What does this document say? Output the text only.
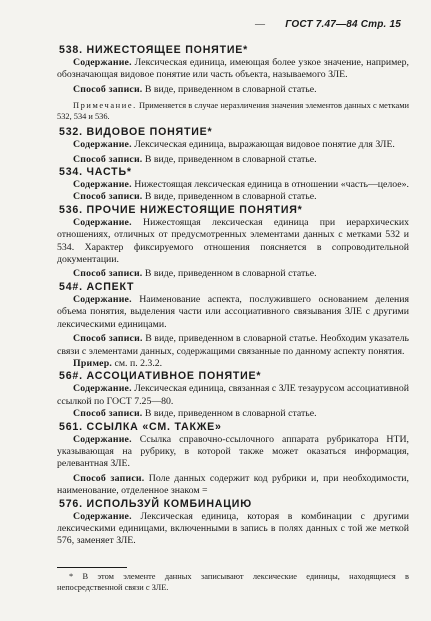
— ГОСТ 7.47—84 Стр. 15
538. НИЖЕСТОЯЩЕЕ ПОНЯТИЕ*

Содержание. Лексическая единица, имеющая более узкое значение, например, обозначающая видовое понятие или часть объекта, называемого ЗЛЕ.

Способ записи. В виде, приведенном в словарной статье.

Примечание. Применяется в случае неразличения значения элементов данных с метками 532, 534 и 536.

532. ВИДОВОЕ ПОНЯТИЕ*

Содержание. Лексическая единица, выражающая видовое понятие для ЗЛЕ.

Способ записи. В виде, приведенном в словарной статье.

534. ЧАСТЬ*

Содержание. Нижестоящая лексическая единица в отношении «часть—целое».

Способ записи. В виде, приведенном в словарной статье.

536. ПРОЧИЕ НИЖЕСТОЯЩИЕ ПОНЯТИЯ*

Содержание. Нижестоящая лексическая единица при иерархических отношениях, отличных от предусмотренных элементами данных с метками 532 и 534. Характер фиксируемого отношения поясняется в сопроводительной документации.

Способ записи. В виде, приведенном в словарной статье.

54#. АСПЕКТ

Содержание. Наименование аспекта, послужившего основанием деления объема понятия, выделения части или ассоциативного связывания ЗЛЕ с другими лексическими единицами.

Способ записи. В виде, приведенном в словарной статье. Необходим указатель связи с элементами данных, содержащими связанные по данному аспекту понятия.

Пример. см. п. 2.3.2.

56#. АССОЦИАТИВНОЕ ПОНЯТИЕ*

Содержание. Лексическая единица, связанная с ЗЛЕ тезаурусом ассоциативной ссылкой по ГОСТ 7.25—80.

Способ записи. В виде, приведенном в словарной статье.

561. ССЫЛКА «СМ. ТАКЖЕ»

Содержание. Ссылка справочно-ссылочного аппарата рубрикатора НТИ, указывающая на рубрику, в которой также может оказаться информация, релевантная ЗЛЕ.

Способ записи. Поле данных содержит код рубрики и, при необходимости, наименование, отделенное знаком =

576. ИСПОЛЬЗУЙ КОМБИНАЦИЮ

Содержание. Лексическая единица, которая в комбинации с другими лексическими единицами, включенными в запись в полях данных с той же меткой 576, заменяет ЗЛЕ.

* В этом элементе данных записывают лексические единицы, находящиеся в непосредственной связи с ЗЛЕ.
